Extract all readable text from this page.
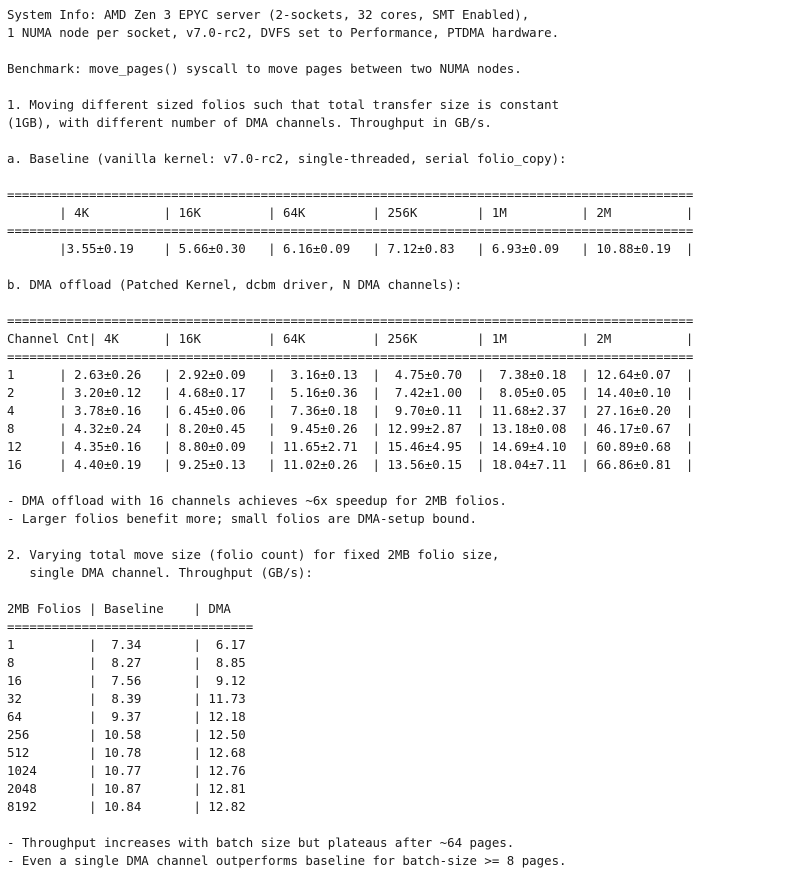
System Info: AMD Zen 3 EPYC server (2-sockets, 32 cores, SMT Enabled),
1 NUMA node per socket, v7.0-rc2, DVFS set to Performance, PTDMA hardware.
Benchmark: move_pages() syscall to move pages between two NUMA nodes.
1. Moving different sized folios such that total transfer size is constant
(1GB), with different number of DMA channels. Throughput in GB/s.
a. Baseline (vanilla kernel: v7.0-rc2, single-threaded, serial folio_copy):
============================================================================================
| 4K          | 16K         | 64K         | 256K        | 1M          | 2M          |
============================================================================================
|3.55±0.19    | 5.66±0.30   | 6.16±0.09   | 7.12±0.83   | 6.93±0.09   | 10.88±0.19  |
b. DMA offload (Patched Kernel, dcbm driver, N DMA channels):
============================================================================================
Channel Cnt| 4K      | 16K         | 64K         | 256K        | 1M          | 2M          |
============================================================================================
1      | 2.63±0.26   | 2.92±0.09   |  3.16±0.13  |  4.75±0.70  |  7.38±0.18  | 12.64±0.07  |
2      | 3.20±0.12   | 4.68±0.17   |  5.16±0.36  |  7.42±1.00  |  8.05±0.05  | 14.40±0.10  |
4      | 3.78±0.16   | 6.45±0.06   |  7.36±0.18  |  9.70±0.11  | 11.68±2.37  | 27.16±0.20  |
8      | 4.32±0.24   | 8.20±0.45   |  9.45±0.26  | 12.99±2.87  | 13.18±0.08  | 46.17±0.67  |
12     | 4.35±0.16   | 8.80±0.09   | 11.65±2.71  | 15.46±4.95  | 14.69±4.10  | 60.89±0.68  |
16     | 4.40±0.19   | 9.25±0.13   | 11.02±0.26  | 13.56±0.15  | 18.04±7.11  | 66.86±0.81  |
- DMA offload with 16 channels achieves ~6x speedup for 2MB folios.
- Larger folios benefit more; small folios are DMA-setup bound.
2. Varying total move size (folio count) for fixed 2MB folio size,
single DMA channel. Throughput (GB/s):
2MB Folios | Baseline    | DMA
=================================
1          |  7.34       |  6.17
8          |  8.27       |  8.85
16         |  7.56       |  9.12
32         |  8.39       | 11.73
64         |  9.37       | 12.18
256        | 10.58       | 12.50
512        | 10.78       | 12.68
1024       | 10.77       | 12.76
2048       | 10.87       | 12.81
8192       | 10.84       | 12.82
- Throughput increases with batch size but plateaus after ~64 pages.
- Even a single DMA channel outperforms baseline for batch-size >= 8 pages.
